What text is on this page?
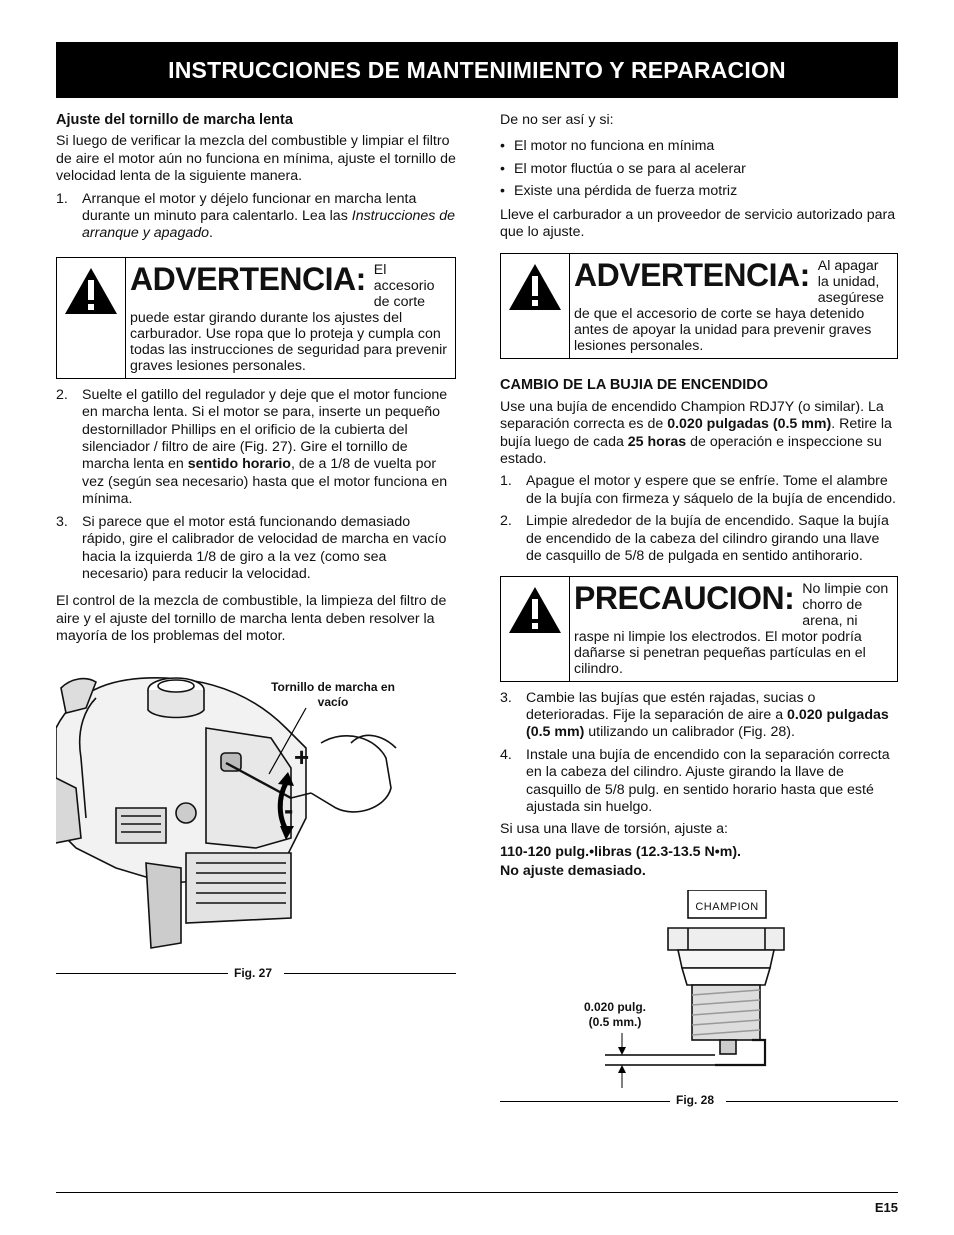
INSTRUCCIONES DE MANTENIMIENTO Y REPARACION
Ajuste del tornillo de marcha lenta

Si luego de verificar la mezcla del combustible y limpiar el filtro de aire el motor aún no funciona en mínima, ajuste el tornillo de velocidad lenta de la siguiente manera.

1. Arranque el motor y déjelo funcionar en marcha lenta durante un minuto para calentarlo. Lea las Instrucciones de arranque y apagado.
ADVERTENCIA: El accesorio de corte puede estar girando durante los ajustes del carburador. Use ropa que lo proteja y cumpla con todas las instrucciones de seguridad para prevenir graves lesiones personales.
2. Suelte el gatillo del regulador y deje que el motor funcione en marcha lenta. Si el motor se para, inserte un pequeño destornillador Phillips en el orificio de la cubierta del silenciador / filtro de aire (Fig. 27). Gire el tornillo de marcha lenta en sentido horario, de a 1/8 de vuelta por vez (según sea necesario) hasta que el motor funciona en mínima.
3. Si parece que el motor está funcionando demasiado rápido, gire el calibrador de velocidad de marcha en vacío hacia la izquierda 1/8 de giro a la vez (como sea necesario) para reducir la velocidad.

El control de la mezcla de combustible, la limpieza del filtro de aire y el ajuste del tornillo de marcha lenta deben resolver la mayoría de los problemas del motor.

Tornillo de marcha en vacío
+
-
Fig. 27

De no ser así y si:

• El motor no funciona en mínima
• El motor fluctúa o se para al acelerar
• Existe una pérdida de fuerza motriz

Lleve el carburador a un proveedor de servicio autorizado para que lo ajuste.

ADVERTENCIA: Al apagar la unidad, asegúrese de que el accesorio de corte se haya detenido antes de apoyar la unidad para prevenir graves lesiones personales.
CAMBIO DE LA BUJIA DE ENCENDIDO

Use una bujía de encendido Champion RDJ7Y (o similar). La separación correcta es de 0.020 pulgadas (0.5 mm). Retire la bujía luego de cada 25 horas de operación e inspeccione su estado.

1. Apague el motor y espere que se enfríe. Tome el alambre de la bujía con firmeza y sáquelo de la bujía de encendido.
2. Limpie alrededor de la bujía de encendido. Saque la bujía de encendido de la cabeza del cilindro girando una llave de casquillo de 5/8 de pulgada en sentido antihorario.
PRECAUCION: No limpie con chorro de arena, ni raspe ni limpie los electrodos. El motor podría dañarse si penetran pequeñas partículas en el cilindro.
3. Cambie las bujías que estén rajadas, sucias o deterioradas. Fije la separación de aire a 0.020 pulgadas (0.5 mm) utilizando un calibrador (Fig. 28).
4. Instale una bujía de encendido con la separación correcta en la cabeza del cilindro. Ajuste girando la llave de casquillo de 5/8 pulg. en sentido horario hasta que esté ajustada sin huelgo.

Si usa una llave de torsión, ajuste a:

110-120 pulg.•libras (12.3-13.5 N•m).

No ajuste demasiado.

CHAMPION
0.020 pulg. (0.5 mm.)
Fig. 28
E15
